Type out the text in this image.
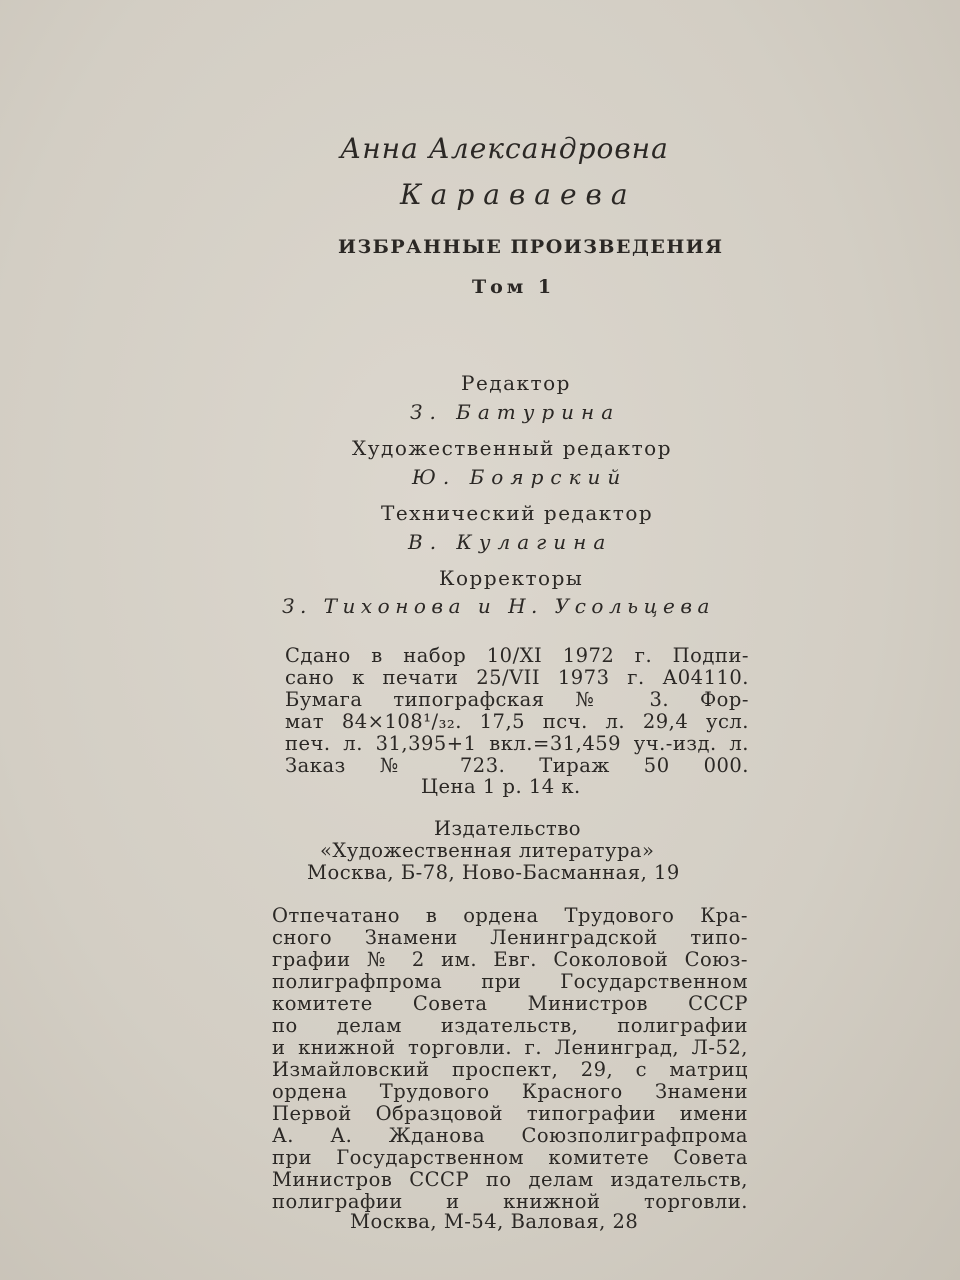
Анна Александровна
Караваева
ИЗБРАННЫЕ ПРОИЗВЕДЕНИЯ
Том 1
Редактор
З. Батурина
Художественный редактор
Ю. Боярский
Технический редактор
В. Кулагина
Корректоры
З. Тихонова и Н. Усольцева
Сдано в набор 10/XI 1972 г. Подпи-
сано к печати 25/VII 1973 г. А04110.
Бумага типографская № 3. Фор-
мат 84×108¹/₃₂. 17,5 псч. л. 29,4 усл.
печ. л. 31,395+1 вкл.=31,459 уч.-изд. л.
Заказ № 723. Тираж 50 000.
Цена 1 р. 14 к.
Издательство
«Художественная литература»
Москва, Б-78, Ново-Басманная, 19
Отпечатано в ордена Трудового Кра-
сного Знамени Ленинградской типо-
графии № 2 им. Евг. Соколовой Союз-
полиграфпрома при Государственном
комитете Совета Министров СССР
по делам издательств, полиграфии
и книжной торговли. г. Ленинград, Л-52,
Измайловский проспект, 29, с матриц
ордена Трудового Красного Знамени
Первой Образцовой типографии имени
А. А. Жданова Союзполиграфпрома
при Государственном комитете Совета
Министров СССР по делам издательств,
полиграфии и книжной торговли.
Москва, М-54, Валовая, 28
